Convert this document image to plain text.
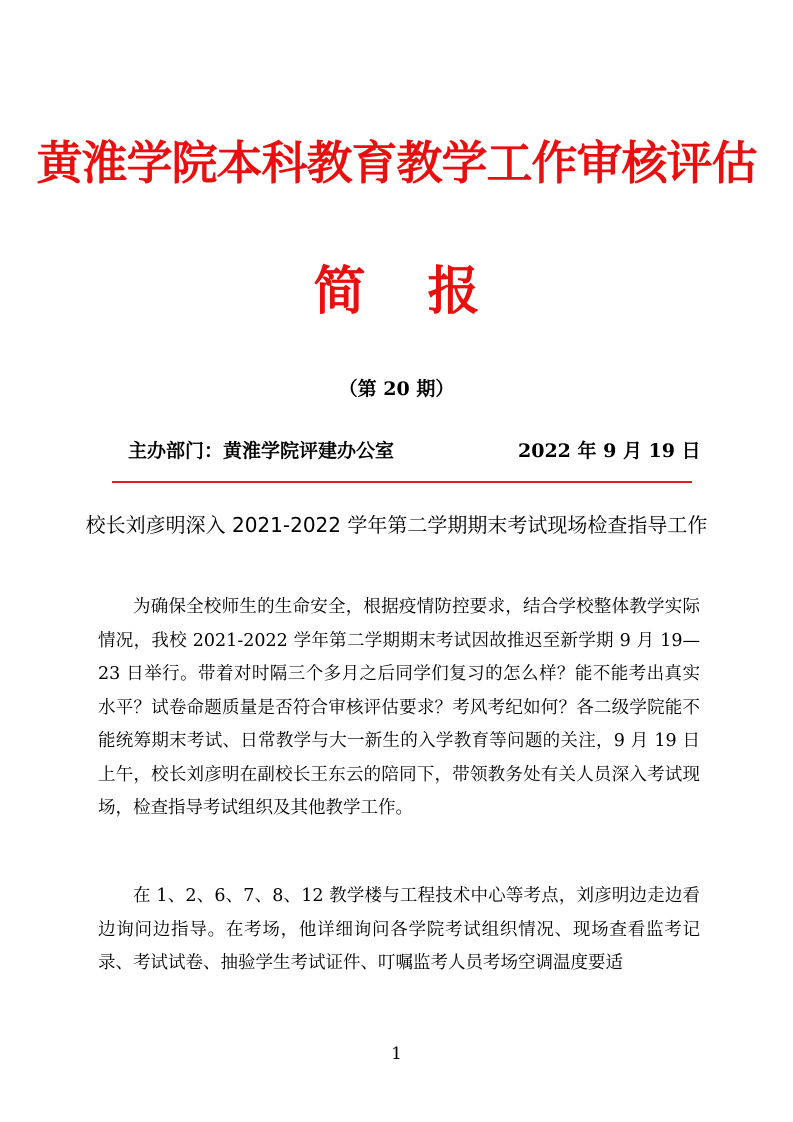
黄淮学院本科教育教学工作审核评估
简 报
（第 20 期）
主办部门：黄淮学院评建办公室	2022 年 9 月 19 日
校长刘彦明深入 2021-2022 学年第二学期期末考试现场检查指导工作
为确保全校师生的生命安全，根据疫情防控要求，结合学校整体教学实际情况，我校 2021-2022 学年第二学期期末考试因故推迟至新学期 9 月 19—23 日举行。带着对时隔三个多月之后同学们复习的怎么样？能不能考出真实水平？试卷命题质量是否符合审核评估要求？考风考纪如何？各二级学院能不能统筹期末考试、日常教学与大一新生的入学教育等问题的关注，9 月 19 日上午，校长刘彦明在副校长王东云的陪同下，带领教务处有关人员深入考试现场，检查指导考试组织及其他教学工作。
在 1、2、6、7、8、12 教学楼与工程技术中心等考点，刘彦明边走边看边询问边指导。在考场，他详细询问各学院考试组织情况、现场查看监考记录、考试试卷、抽验学生考试证件、叮嘱监考人员考场空调温度要适
1
